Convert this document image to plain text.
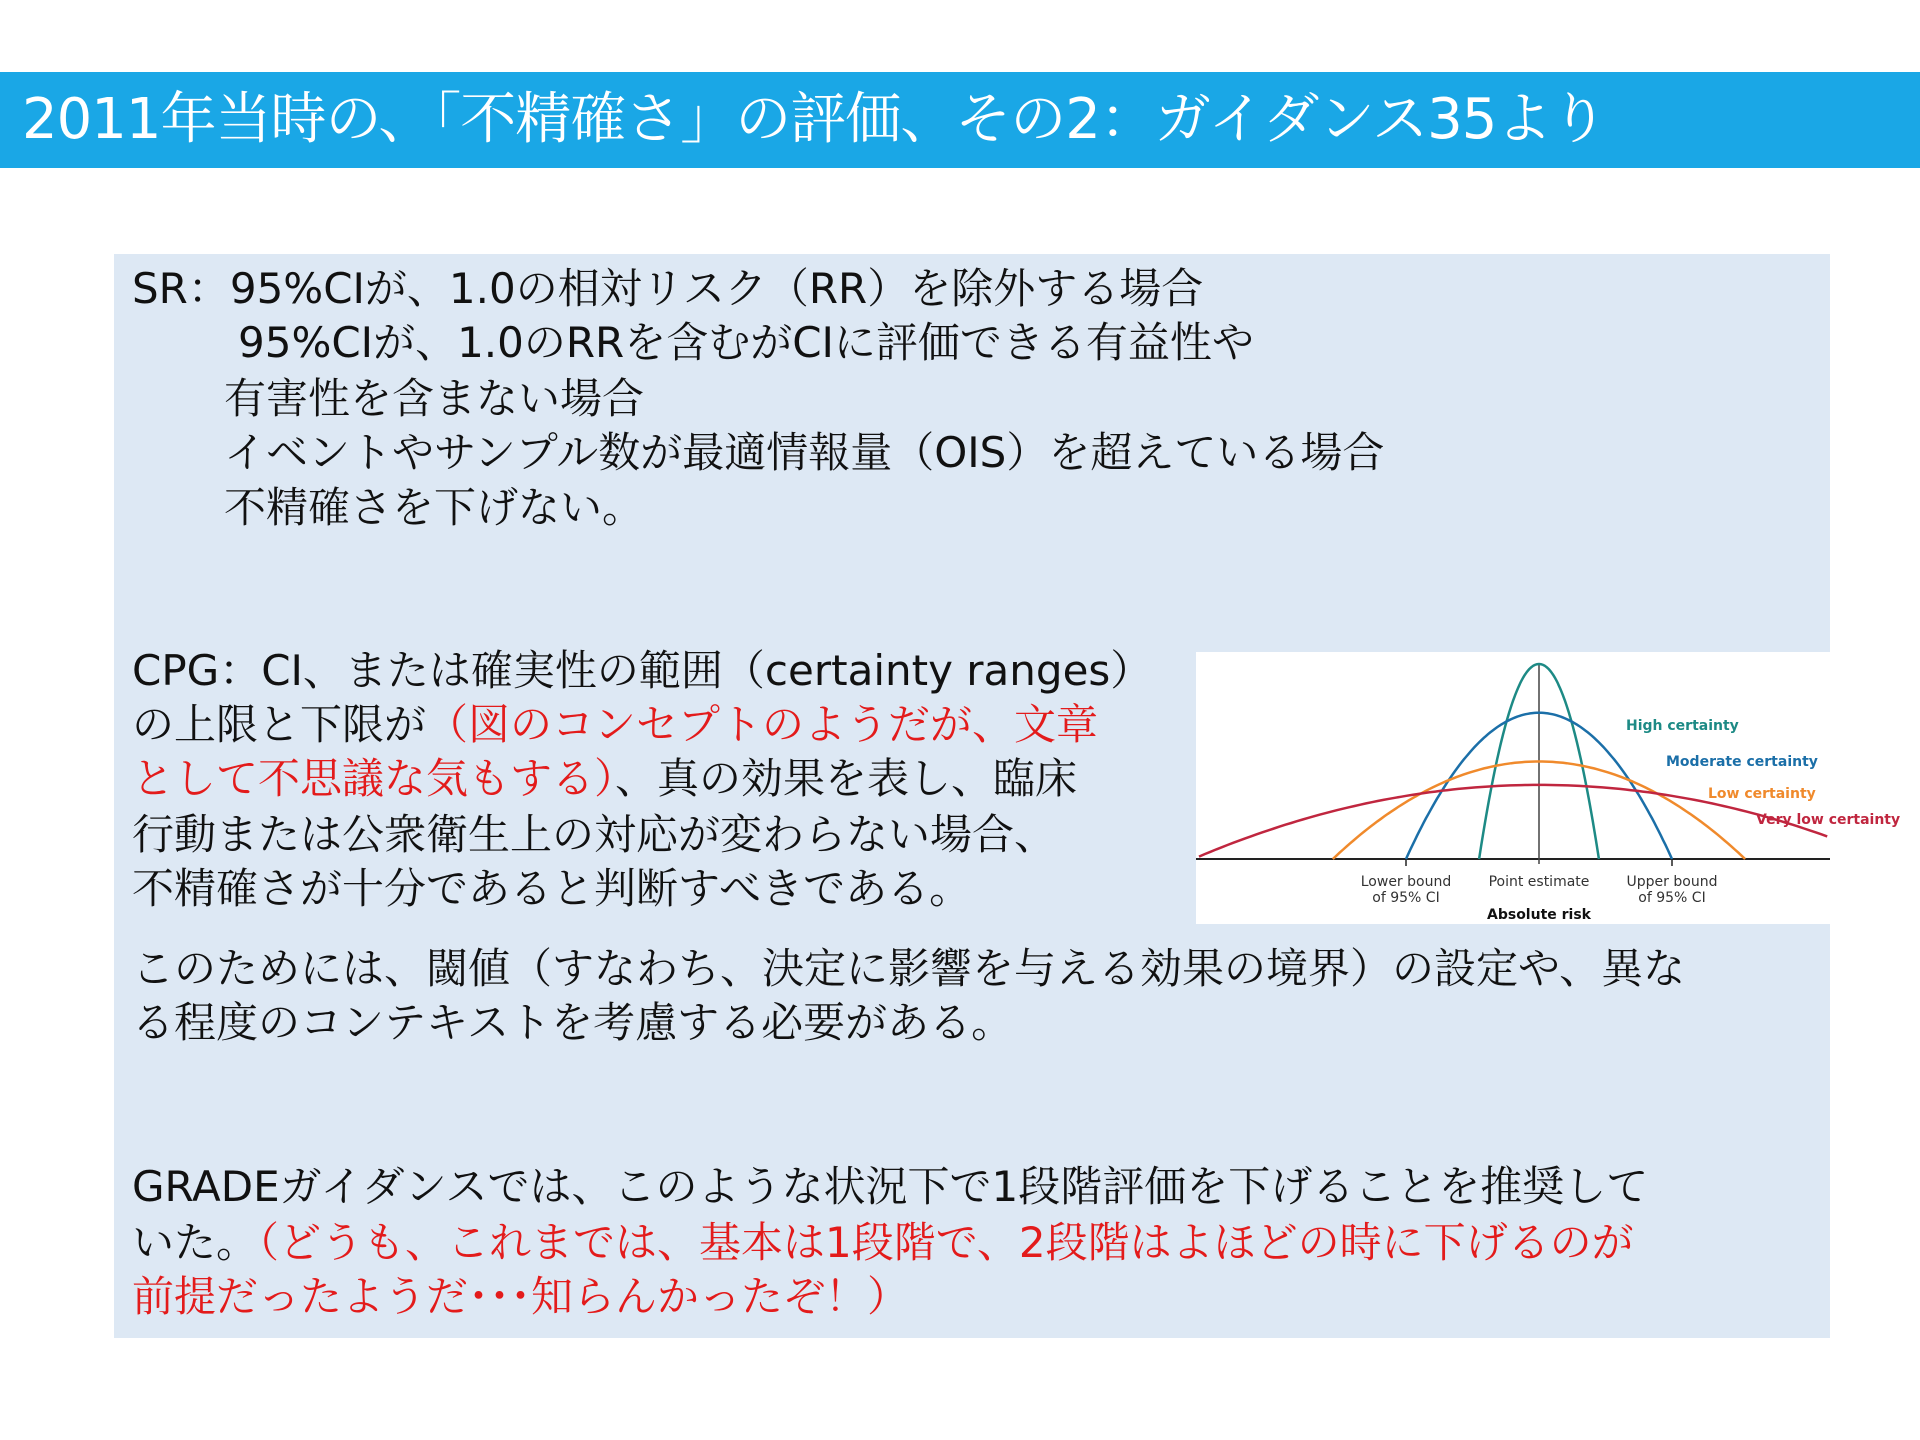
2011年当時の、「不精確さ」の評価、その2：ガイダンス35より
SR：95%CIが、1.0の相対リスク（RR）を除外する場合
95%CIが、1.0のRRを含むがCIに評価できる有益性や
有害性を含まない場合
イベントやサンプル数が最適情報量（OIS）を超えている場合
不精確さを下げない。
CPG：CI、または確実性の範囲（certainty ranges）
の上限と下限が（図のコンセプトのようだが、文章
として不思議な気もする）、真の効果を表し、臨床
行動または公衆衛生上の対応が変わらない場合、
不精確さが十分であると判断すべきである。
このためには、閾値（すなわち、決定に影響を与える効果の境界）の設定や、異な
る程度のコンテキストを考慮する必要がある。
GRADEガイダンスでは、このような状況下で1段階評価を下げることを推奨して
いた。（どうも、これまでは、基本は1段階で、2段階はよほどの時に下げるのが
前提だったようだ･･･知らんかったぞ！）
High certainty
Moderate certainty
Low certainty
Very low certainty
Lower bound
of 95% CI
Point estimate	Upper bound
of 95% CI
Absolute risk
